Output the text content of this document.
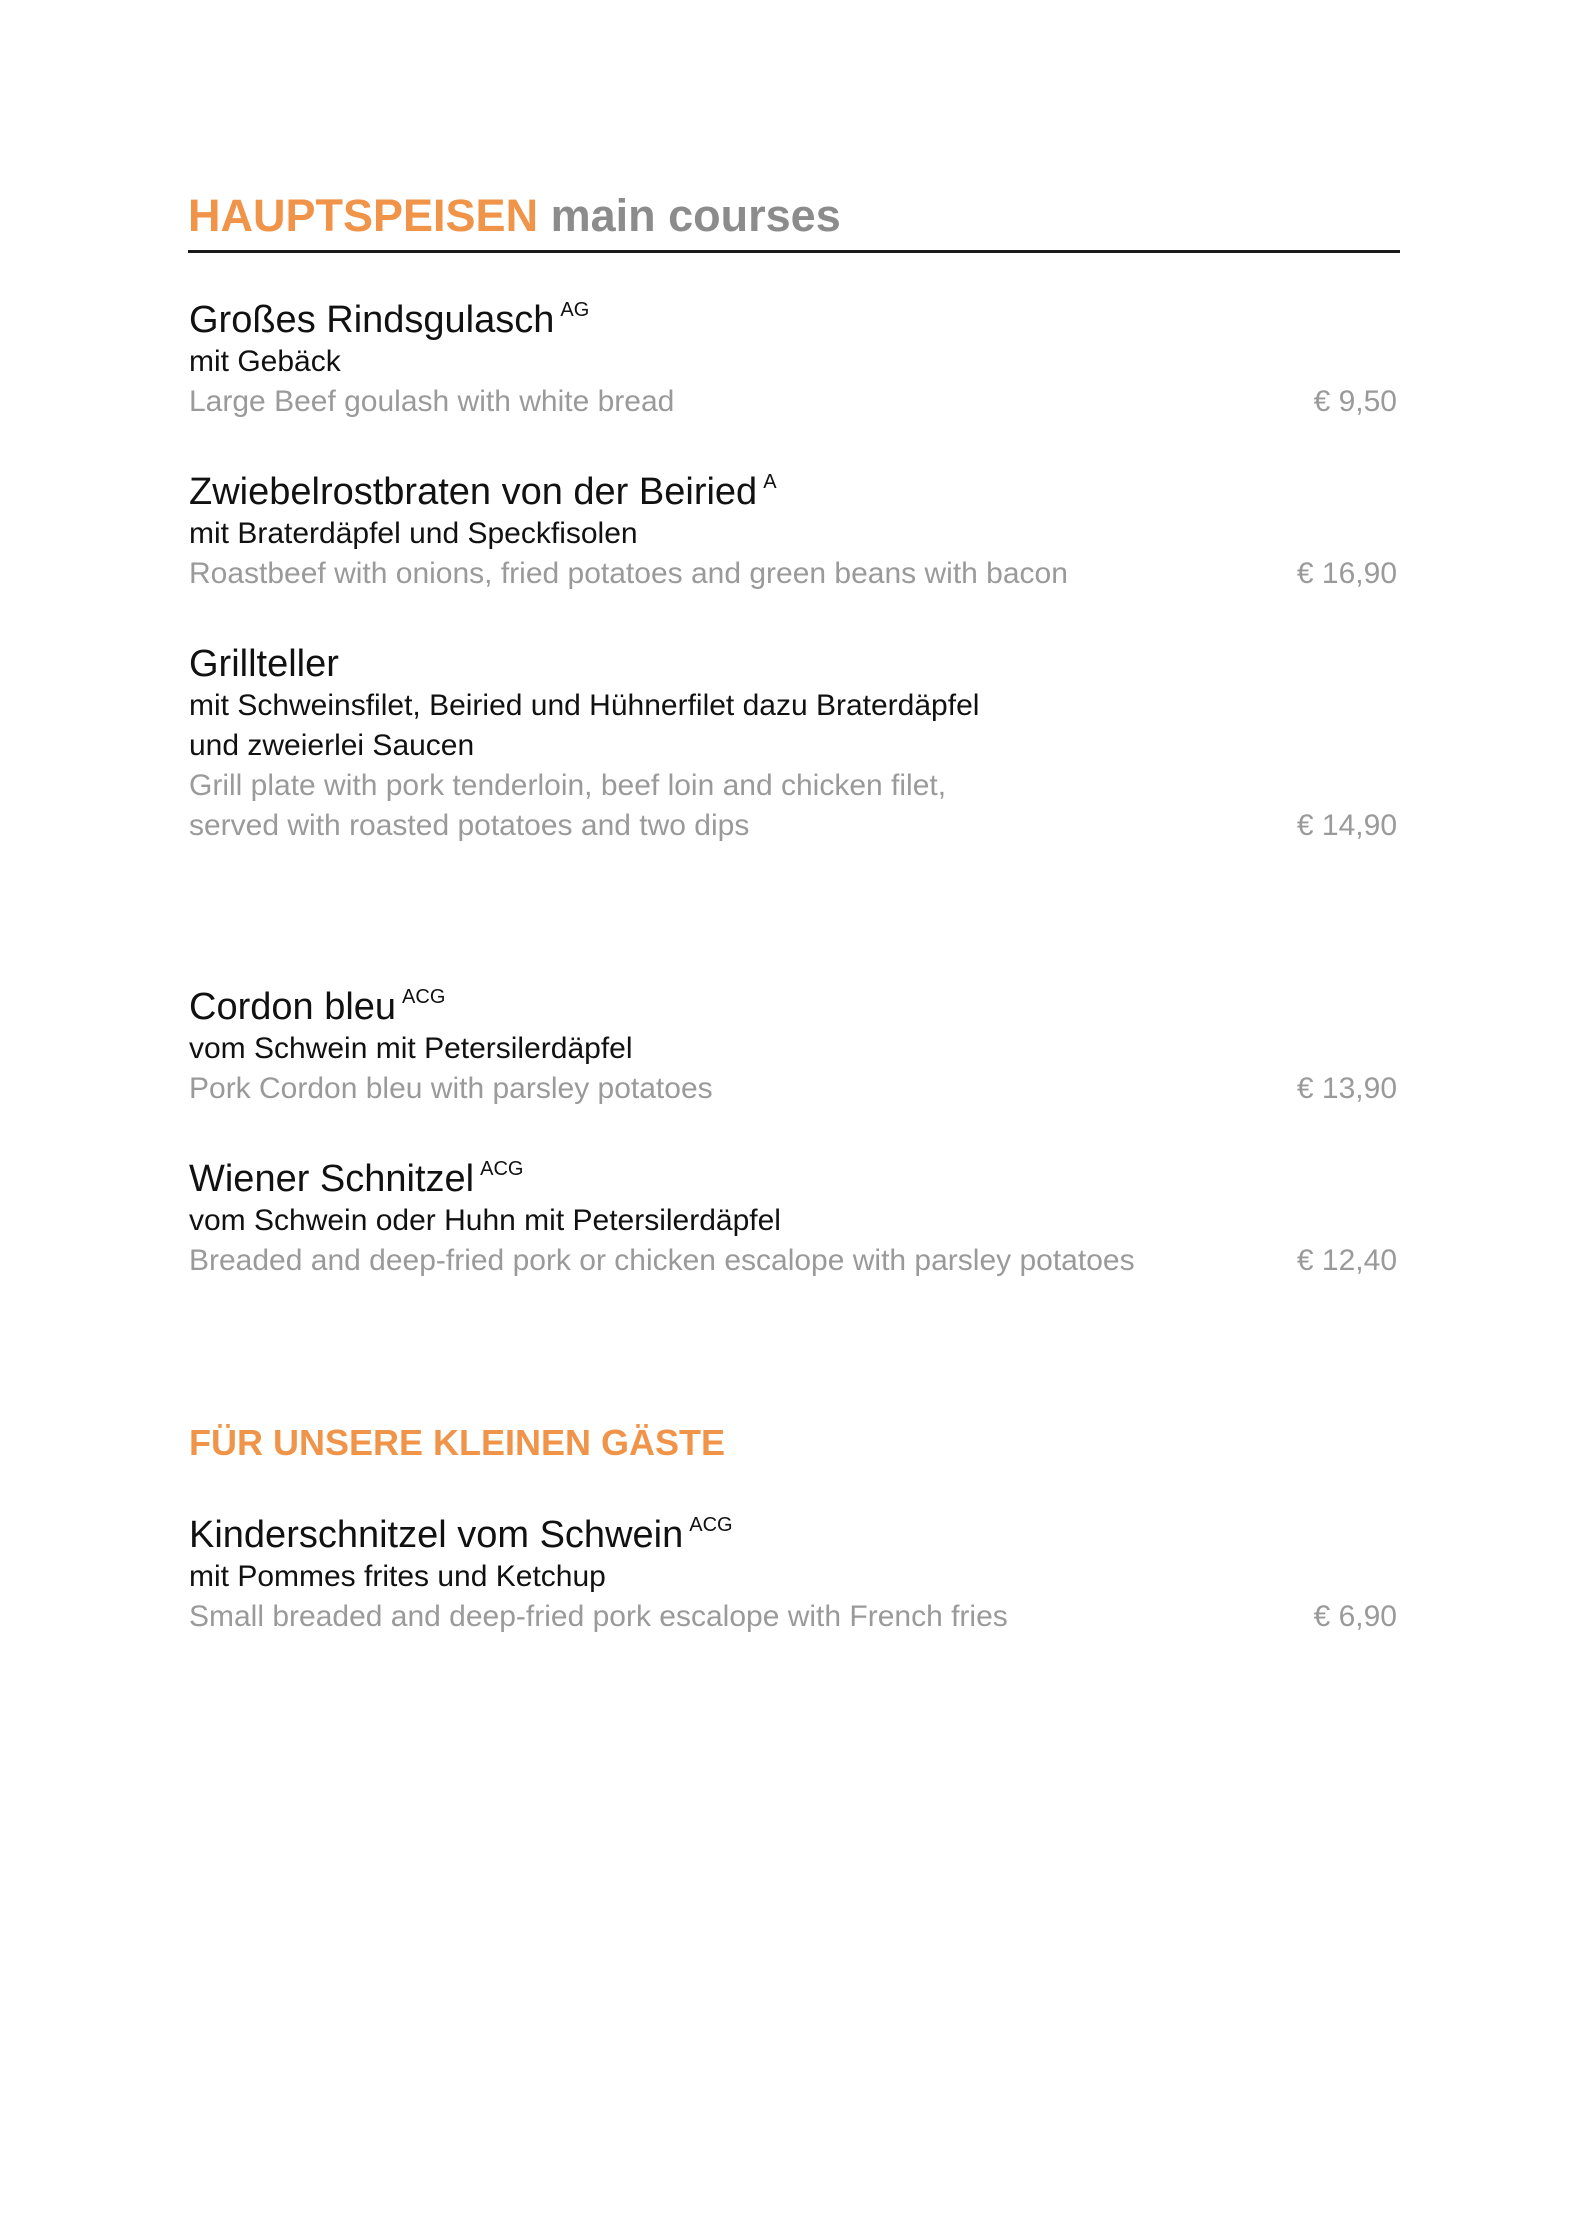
HAUPTSPEISEN main courses
Großes Rindsgulasch $^{AG}$
mit Gebäck
Large Beef goulash with white bread	€ 9,50
Zwiebelrostbraten von der Beiried $^A$
mit Braterdäpfel und Speckfisolen
Roastbeef with onions, fried potatoes and green beans with bacon	€ 16,90
Grillteller
mit Schweinsfilet, Beiried und Hühnerfilet dazu Braterdäpfel
und zweierlei Saucen
Grill plate with pork tenderloin, beef loin and chicken filet,
served with roasted potatoes and two dips	€ 14,90
Cordon bleu $^{ACG}$
vom Schwein mit Petersilerdäpfel
Pork Cordon bleu with parsley potatoes	€ 13,90
Wiener Schnitzel $^{ACG}$
vom Schwein oder Huhn mit Petersilerdäpfel
Breaded and deep-fried pork or chicken escalope with parsley potatoes	€ 12,40
FÜR UNSERE KLEINEN GÄSTE
Kinderschnitzel vom Schwein $^{ACG}$
mit Pommes frites und Ketchup
Small breaded and deep-fried pork escalope with French fries	€ 6,90
